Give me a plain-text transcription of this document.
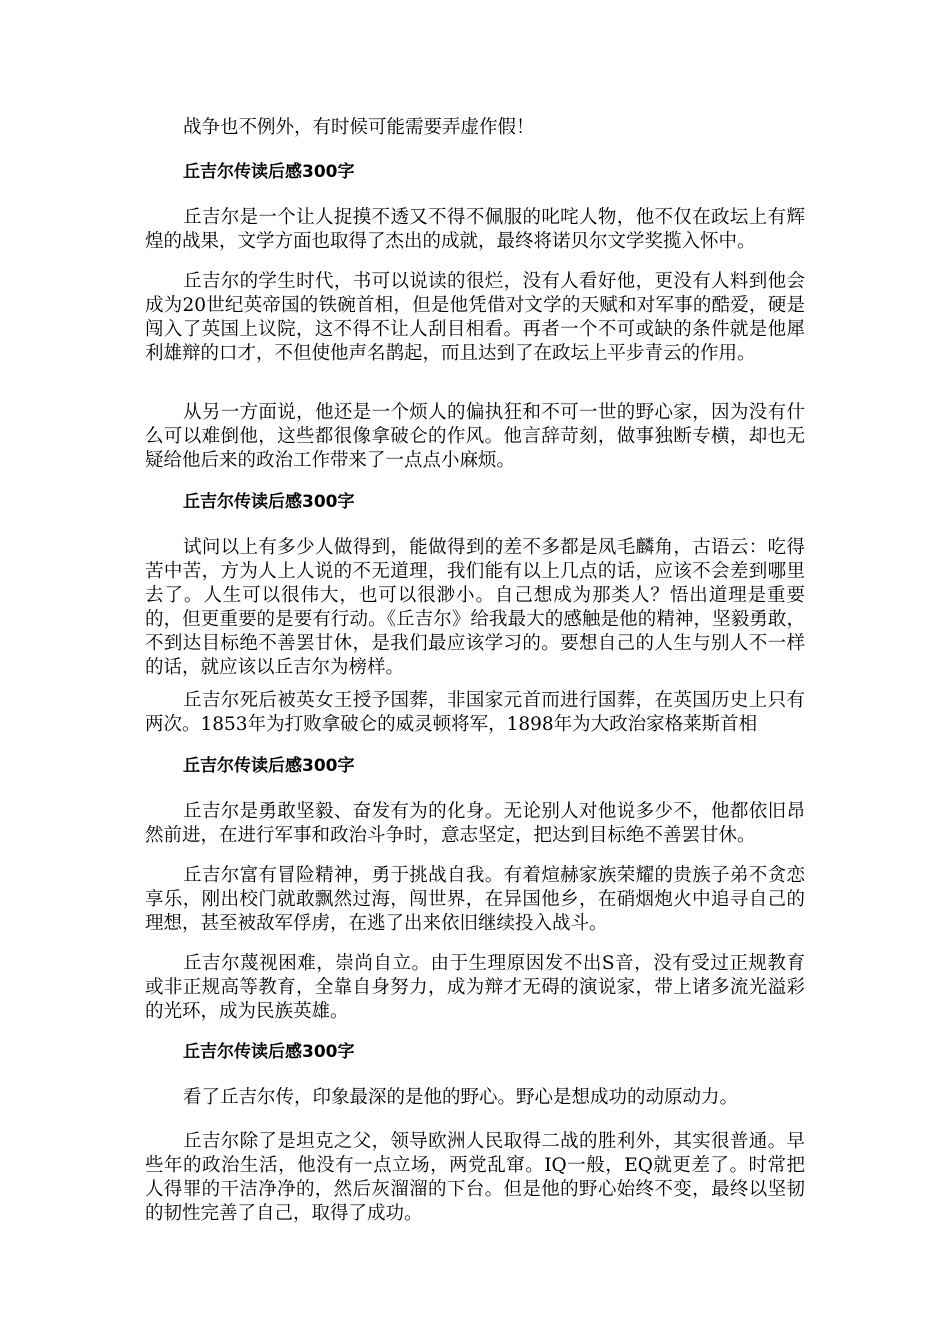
战争也不例外，有时候可能需要弄虚作假！

丘吉尔传读后感300字

丘吉尔是一个让人捉摸不透又不得不佩服的叱咤人物，他不仅在政坛上有辉煌的战果，文学方面也取得了杰出的成就，最终将诺贝尔文学奖揽入怀中。

丘吉尔的学生时代，书可以说读的很烂，没有人看好他，更没有人料到他会成为20世纪英帝国的铁碗首相，但是他凭借对文学的天赋和对军事的酷爱，硬是闯入了英国上议院，这不得不让人刮目相看。再者一个不可或缺的条件就是他犀利雄辩的口才，不但使他声名鹊起，而且达到了在政坛上平步青云的作用。

从另一方面说，他还是一个烦人的偏执狂和不可一世的野心家，因为没有什么可以难倒他，这些都很像拿破仑的作风。他言辞苛刻，做事独断专横，却也无疑给他后来的政治工作带来了一点点小麻烦。

丘吉尔传读后感300字

试问以上有多少人做得到，能做得到的差不多都是凤毛麟角，古语云：吃得苦中苦，方为人上人说的不无道理，我们能有以上几点的话，应该不会差到哪里去了。人生可以很伟大，也可以很渺小。自己想成为那类人？悟出道理是重要的，但更重要的是要有行动。《丘吉尔》给我最大的感触是他的精神，坚毅勇敢，不到达目标绝不善罢甘休，是我们最应该学习的。要想自己的人生与别人不一样的话，就应该以丘吉尔为榜样。

丘吉尔死后被英女王授予国葬，非国家元首而进行国葬，在英国历史上只有两次。1853年为打败拿破仑的威灵顿将军，1898年为大政治家格莱斯首相

丘吉尔传读后感300字

丘吉尔是勇敢坚毅、奋发有为的化身。无论别人对他说多少不，他都依旧昂然前进，在进行军事和政治斗争时，意志坚定，把达到目标绝不善罢甘休。

丘吉尔富有冒险精神，勇于挑战自我。有着煊赫家族荣耀的贵族子弟不贪恋享乐，刚出校门就敢飘然过海，闯世界，在异国他乡，在硝烟炮火中追寻自己的理想，甚至被敌军俘虏，在逃了出来依旧继续投入战斗。

丘吉尔蔑视困难，崇尚自立。由于生理原因发不出S音，没有受过正规教育或非正规高等教育，全靠自身努力，成为辩才无碍的演说家，带上诸多流光溢彩的光环，成为民族英雄。

丘吉尔传读后感300字

看了丘吉尔传，印象最深的是他的野心。野心是想成功的动原动力。

丘吉尔除了是坦克之父，领导欧洲人民取得二战的胜利外，其实很普通。早些年的政治生活，他没有一点立场，两党乱窜。IQ一般，EQ就更差了。时常把人得罪的干洁净净的，然后灰溜溜的下台。但是他的野心始终不变，最终以坚韧的韧性完善了自己，取得了成功。
